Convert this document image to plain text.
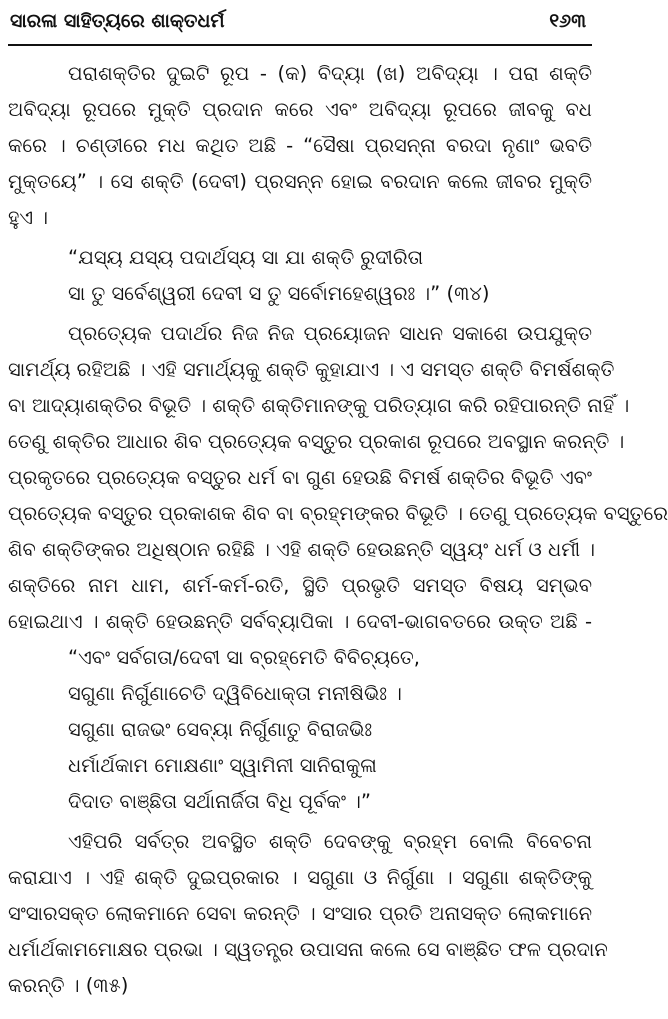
ସାରଳା ସାହିତ୍ୟରେ ଶାକ୍ତଧର୍ମ	୧୬୩
ପରାଶକ୍ତିର ଦୁଇଟି ରୂପ - (କ) ବିଦ୍ୟା (ଖ) ଅବିଦ୍ୟା । ପରା ଶକ୍ତି
ଅବିଦ୍ୟା ରୂପରେ ମୁକ୍ତି ପ୍ରଦାନ କରେ ଏବଂ ଅବିଦ୍ୟା ରୂପରେ ଜୀବକୁ ବଧ
କରେ । ଚଣ୍ଡୀରେ ମଧ କଥିତ ଅଛି - “ସୈଷା ପ୍ରସନ୍ନା ବରଦା ନୃଣାଂ ଭବତି
ମୁକ୍ତୟେ” । ସେ ଶକ୍ତି (ଦେବୀ) ପ୍ରସନ୍ନ ହୋଇ ବରଦାନ କଲେ ଜୀବର ମୁକ୍ତି
ହୁଏ ।
“ଯସ୍ୟ ଯସ୍ୟ ପଦାର୍ଥସ୍ୟ ସା ଯା ଶକ୍ତି ରୁଦୀରିତା
ସା ତୁ ସର୍ବେଶ୍ୱରୀ ଦେବୀ ସ ତୁ ସର୍ବୋମହେଶ୍ୱରଃ ।” (୩୪)
ପ୍ରତ୍ୟେକ ପଦାର୍ଥର ନିଜ ନିଜ ପ୍ରୟୋଜନ ସାଧନ ସକାଶେ ଉପଯୁକ୍ତ
ସାମର୍ଥ୍ୟ ରହିଅଛି । ଏହି ସମାର୍ଥ୍ୟକୁ ଶକ୍ତି କୁହାଯାଏ । ଏ ସମସ୍ତ ଶକ୍ତି ବିମର୍ଷଶକ୍ତି
ବା ଆଦ୍ୟାଶକ୍ତିର ବିଭୂତି । ଶକ୍ତି ଶକ୍ତିମାନଙ୍କୁ ପରିତ୍ୟାଗ କରି ରହିପାରନ୍ତି ନାହିଁ ।
ତେଣୁ ଶକ୍ତିର ଆଧାର ଶିବ ପ୍ରତ୍ୟେକ ବସ୍ତୁର ପ୍ରକାଶ ରୂପରେ ଅବସ୍ଥାନ କରନ୍ତି ।
ପ୍ରକୃତରେ ପ୍ରତ୍ୟେକ ବସ୍ତୁର ଧର୍ମ ବା ଗୁଣ ହେଉଛି ବିମର୍ଷ ଶକ୍ତିର ବିଭୂତି ଏବଂ
ପ୍ରତ୍ୟେକ ବସ୍ତୁର ପ୍ରକାଶକ ଶିବ ବା ବ୍ରହ୍ମଙ୍କର ବିଭୂତି । ତେଣୁ ପ୍ରତ୍ୟେକ ବସ୍ତୁରେ
ଶିବ ଶକ୍ତିଙ୍କର ଅଧିଷ୍ଠାନ ରହିଛି । ଏହି ଶକ୍ତି ହେଉଛନ୍ତି ସ୍ୱୟଂ ଧର୍ମ ଓ ଧର୍ମୀ ।
ଶକ୍ତିରେ ନାମ ଧାମ, ଶର୍ମ-କର୍ମ-ରତି, ସ୍ଥିତି ପ୍ରଭୃତି ସମସ୍ତ ବିଷୟ ସମ୍ଭବ
ହୋଇଥାଏ । ଶକ୍ତି ହେଉଛନ୍ତି ସର୍ବବ୍ୟାପିକା । ଦେବୀ-ଭାଗବତରେ ଉକ୍ତ ଅଛି -
“ଏବଂ ସର୍ବଗତା/ଦେବୀ ସା ବ୍ରହ୍ମେତି ବିବିଚ୍ୟତେ,
ସଗୁଣା ନିର୍ଗୁଣାଚେତି ଦ୍ୱିବିଧୋକ୍ତା ମନୀଷିଭିଃ ।
ସଗୁଣା ରାଜଭଂ ସେବ୍ୟା ନିର୍ଗୁଣାତୁ ବିରାଜଭିଃ
ଧର୍ମାର୍ଥକାମ ମୋକ୍ଷଣାଂ ସ୍ୱାମିନୀ ସାନିରାକୁଳା
ଦିଦାତ ବାଞ୍ଛିତା ସର୍ଥାନାର୍ଜିତା ବିଧି ପୂର୍ବକଂ ।”
ଏହିପରି ସର୍ବତ୍ର ଅବସ୍ଥିତ ଶକ୍ତି ଦେବଙ୍କୁ ବ୍ରହ୍ମ ବୋଲି ବିବେଚନା
କରାଯାଏ । ଏହି ଶକ୍ତି ଦୁଇପ୍ରକାର । ସଗୁଣା ଓ ନିର୍ଗୁଣା । ସଗୁଣା ଶକ୍ତିଙ୍କୁ
ସଂସାରସକ୍ତ ଲୋକମାନେ ସେବା କରନ୍ତି । ସଂସାର ପ୍ରତି ଅନାସକ୍ତ ଲୋକମାନେ
ଧର୍ମାର୍ଥକାମମୋକ୍ଷର ପ୍ରଭା । ସ୍ୱତନ୍ତ୍ର ଉପାସନା କଲେ ସେ ବାଞ୍ଛିତ ଫଳ ପ୍ରଦାନ
କରନ୍ତି । (୩୫)
